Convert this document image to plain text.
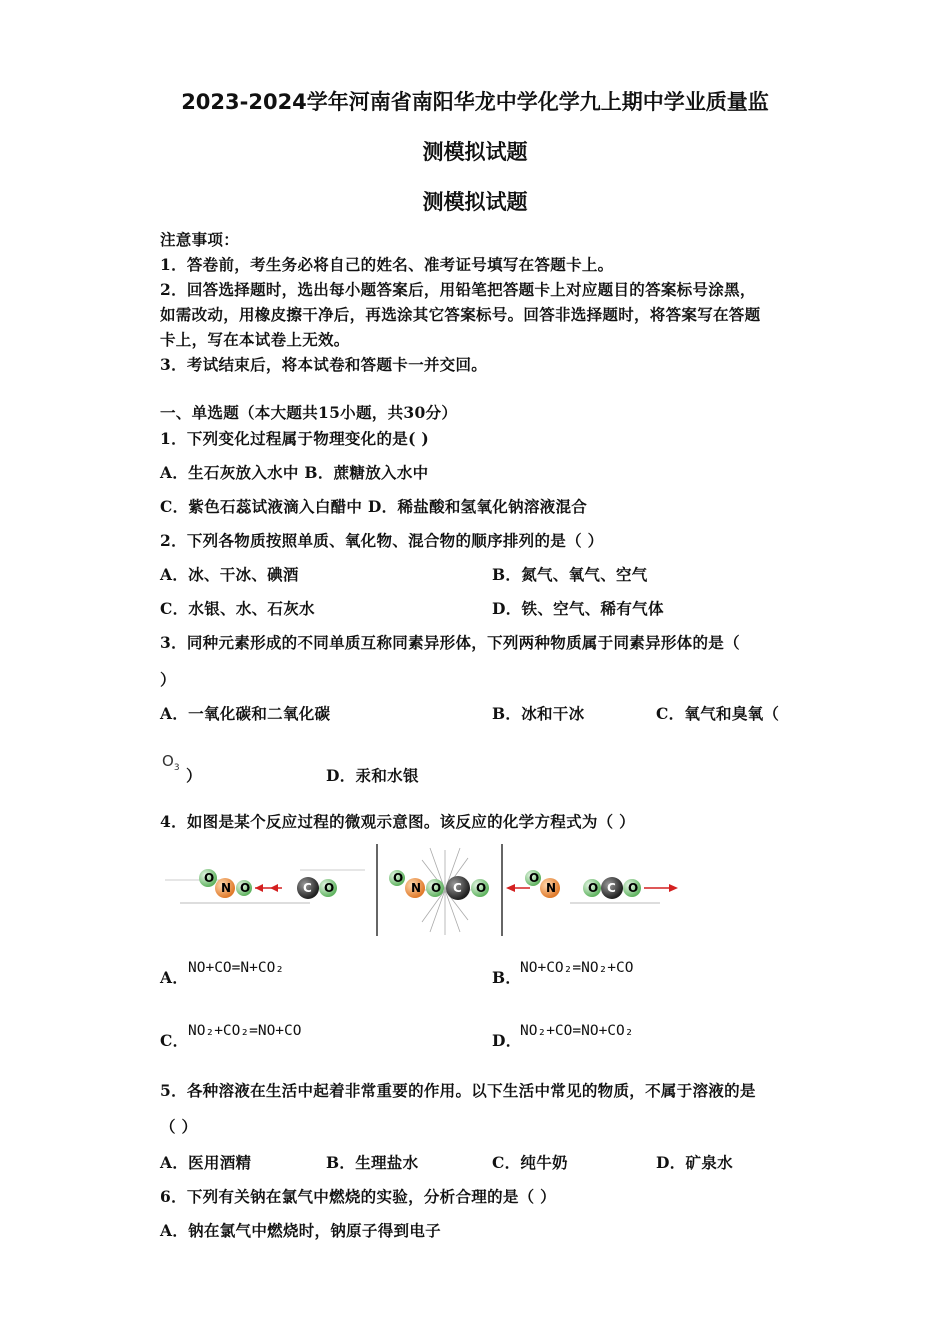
2023-2024学年河南省南阳华龙中学化学九上期中学业质量监
测模拟试题
测模拟试题
注意事项：
1．答卷前，考生务必将自己的姓名、准考证号填写在答题卡上。
2．回答选择题时，选出每小题答案后，用铅笔把答题卡上对应题目的答案标号涂黑，
如需改动，用橡皮擦干净后，再选涂其它答案标号。回答非选择题时，将答案写在答题
卡上，写在本试卷上无效。
3．考试结束后，将本试卷和答题卡一并交回。
一、单选题（本大题共15小题，共30分）
1．下列变化过程属于物理变化的是( )
A．生石灰放入水中 B．蔗糖放入水中
C．紫色石蕊试液滴入白醋中 D．稀盐酸和氢氧化钠溶液混合
2．下列各物质按照单质、氧化物、混合物的顺序排列的是（ ）
A．冰、干冰、碘酒	B．氮气、氧气、空气
C．水银、水、石灰水	D．铁、空气、稀有气体
3．同种元素形成的不同单质互称同素异形体，下列两种物质属于同素异形体的是（
）
A．一氧化碳和二氧化碳	B．冰和干冰	C．氧气和臭氧（
$O_3$ ）	D．汞和水银
4．如图是某个反应过程的微观示意图。该反应的化学方程式为（ ）
O
N O	C O
O
N O C O
O
N	O C O
A． NO+CO=N+CO₂	B．
NO+CO₂=NO₂+CO
C． NO₂+CO₂=NO+CO	D．
NO₂+CO=NO+CO₂
5．各种溶液在生活中起着非常重要的作用。以下生活中常见的物质，不属于溶液的是
（ ）
A．医用酒精	B．生理盐水	C．纯牛奶	D．矿泉水
6．下列有关钠在氯气中燃烧的实验，分析合理的是（ ）
A．钠在氯气中燃烧时，钠原子得到电子
